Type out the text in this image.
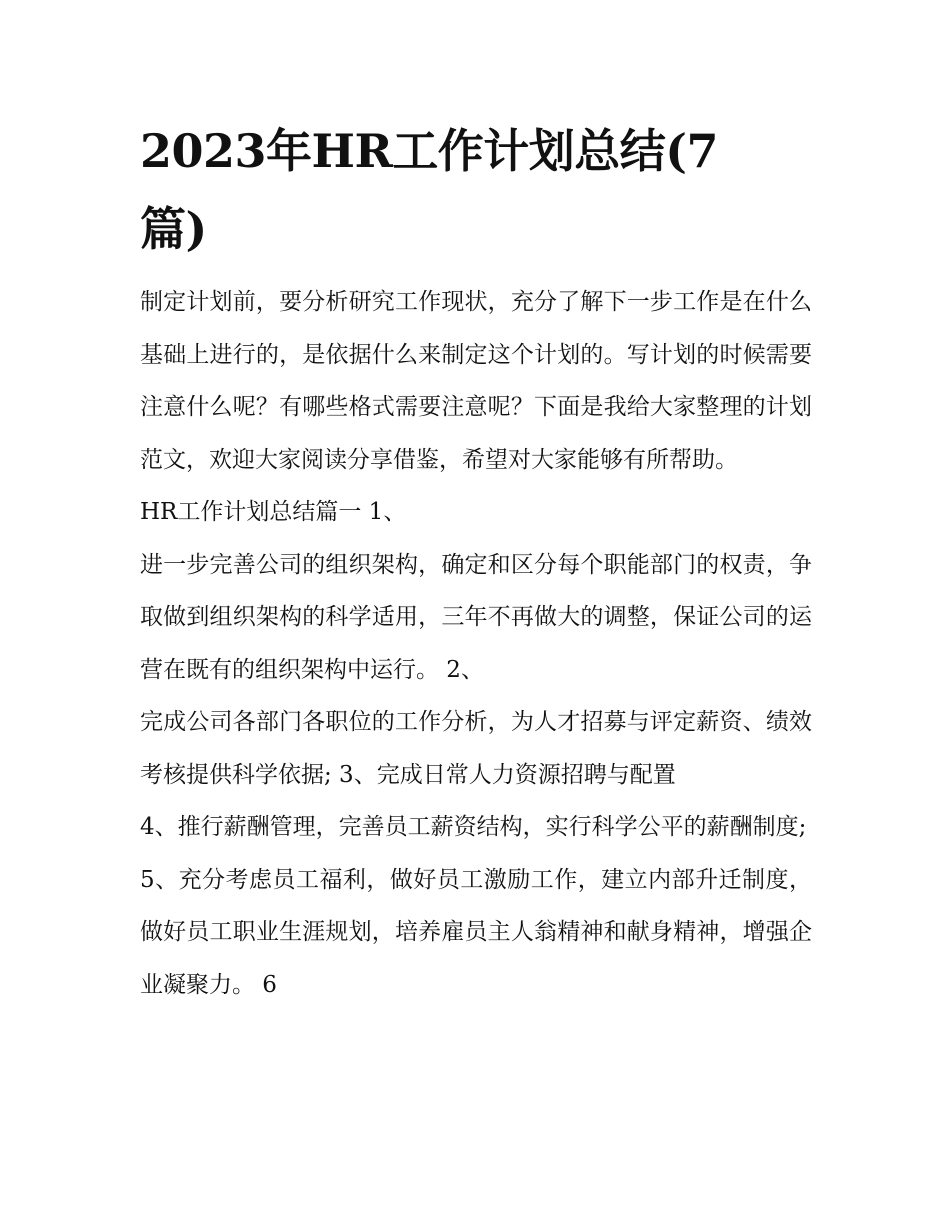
2023年HR工作计划总结(7篇)

制定计划前，要分析研究工作现状，充分了解下一步工作是在什么基础上进行的，是依据什么来制定这个计划的。写计划的时候需要注意什么呢？有哪些格式需要注意呢？下面是我给大家整理的计划范文，欢迎大家阅读分享借鉴，希望对大家能够有所帮助。

HR工作计划总结篇一 1、

进一步完善公司的组织架构，确定和区分每个职能部门的权责，争取做到组织架构的科学适用，三年不再做大的调整，保证公司的运营在既有的组织架构中运行。 2、

完成公司各部门各职位的工作分析，为人才招募与评定薪资、绩效考核提供科学依据; 3、完成日常人力资源招聘与配置

4、推行薪酬管理，完善员工薪资结构，实行科学公平的薪酬制度;

5、充分考虑员工福利，做好员工激励工作，建立内部升迁制度，做好员工职业生涯规划，培养雇员主人翁精神和献身精神，增强企业凝聚力。 6
